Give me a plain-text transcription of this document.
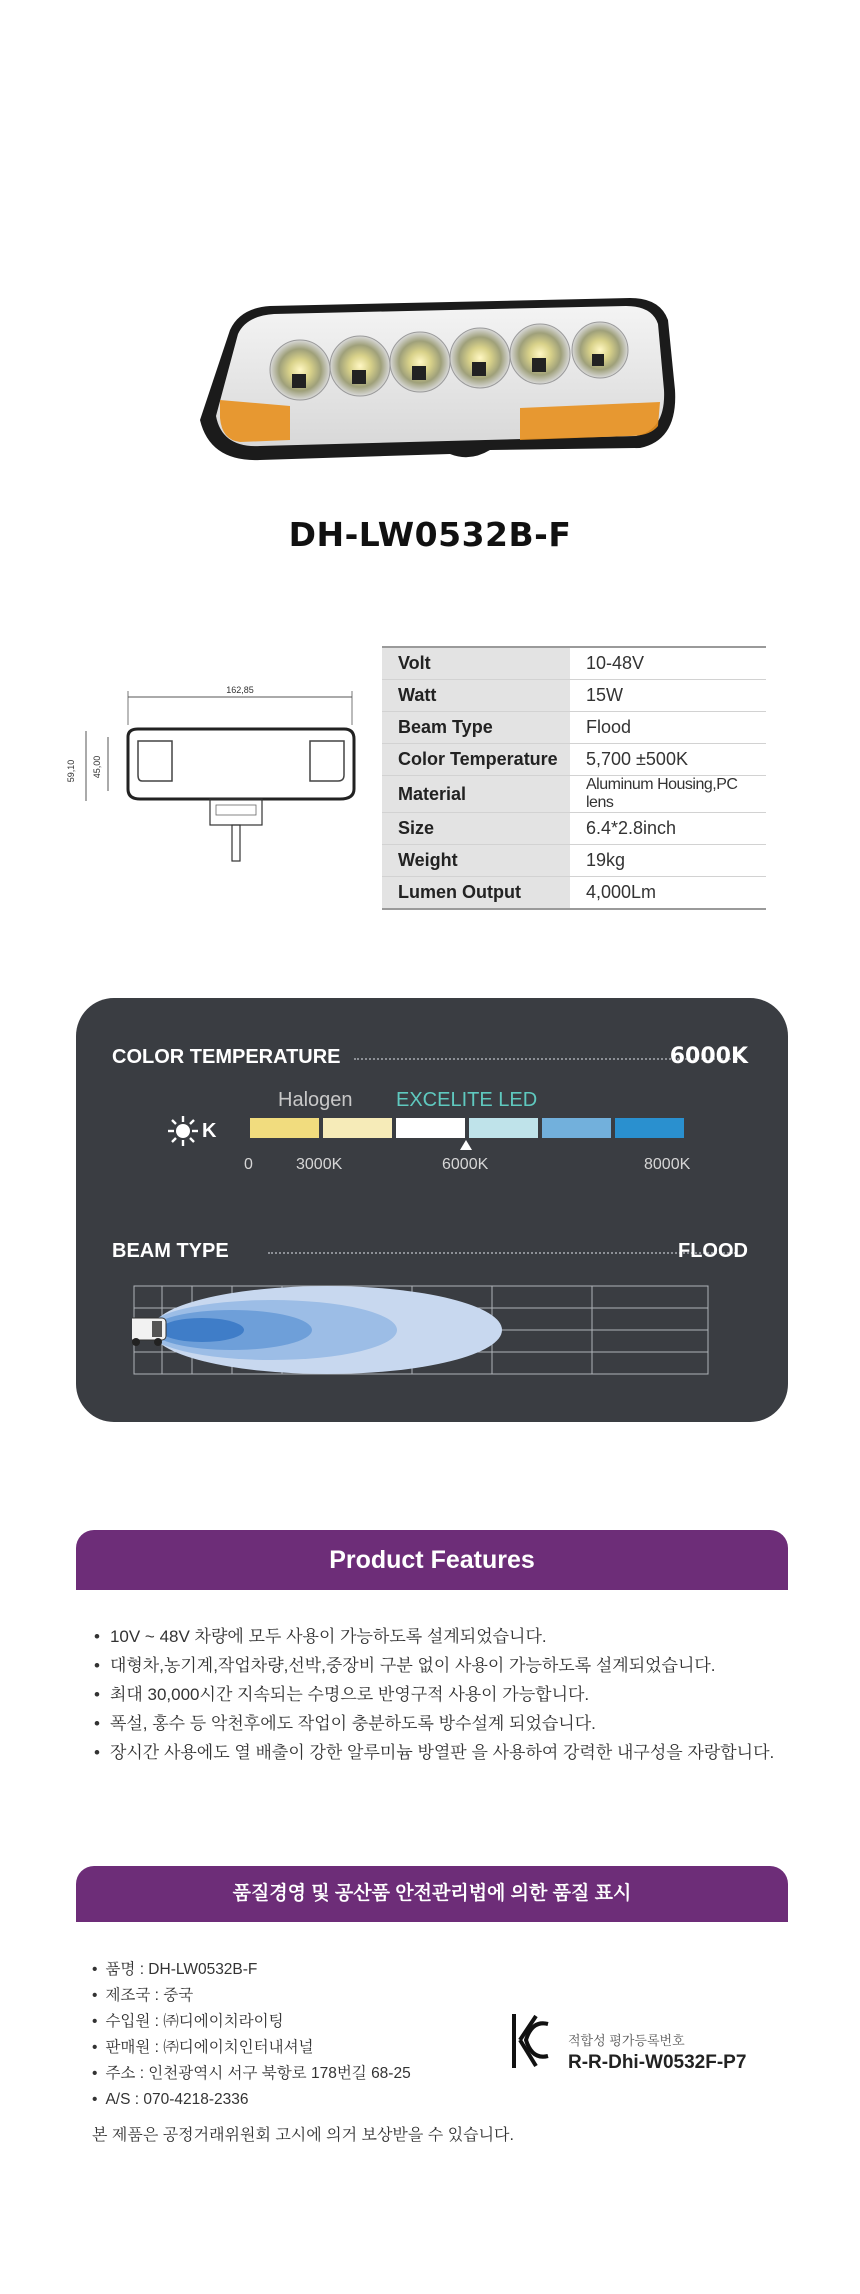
DH-LW0532B-F
162,85
59,10 45,00
Volt	10-48V
Watt	15W
Beam Type	Flood
Color Temperature	5,700 ±500K
Material	Aluminum Housing,PC lens
Size	6.4*2.8inch
Weight	19kg
Lumen Output	4,000Lm
COLOR TEMPERATURE	6000K
Halogen EXCELITE LED
K
0	3000K	6000K	8000K
BEAM TYPE	FLOOD
Product Features
• 10V ~ 48V 차량에 모두 사용이 가능하도록 설계되었습니다.
• 대형차,농기계,작업차량,선박,중장비 구분 없이 사용이 가능하도록 설계되었습니다.
• 최대 30,000시간 지속되는 수명으로 반영구적 사용이 가능합니다.
• 폭설, 홍수 등 악천후에도 작업이 충분하도록 방수설계 되었습니다.
• 장시간 사용에도 열 배출이 강한 알루미늄 방열판 을 사용하여 강력한 내구성을 자랑합니다.
품질경영 및 공산품 안전관리법에 의한 품질 표시
• 품명 : DH-LW0532B-F
• 제조국 : 중국
• 수입원 : ㈜디에이치라이팅
• 판매원 : ㈜디에이치인터내셔널
• 주소 : 인천광역시 서구 북항로 178번길 68-25
• A/S : 070-4218-2336
본 제품은 공정거래위원회 고시에 의거 보상받을 수 있습니다.
적합성 평가등록번호
R-R-Dhi-W0532F-P7
